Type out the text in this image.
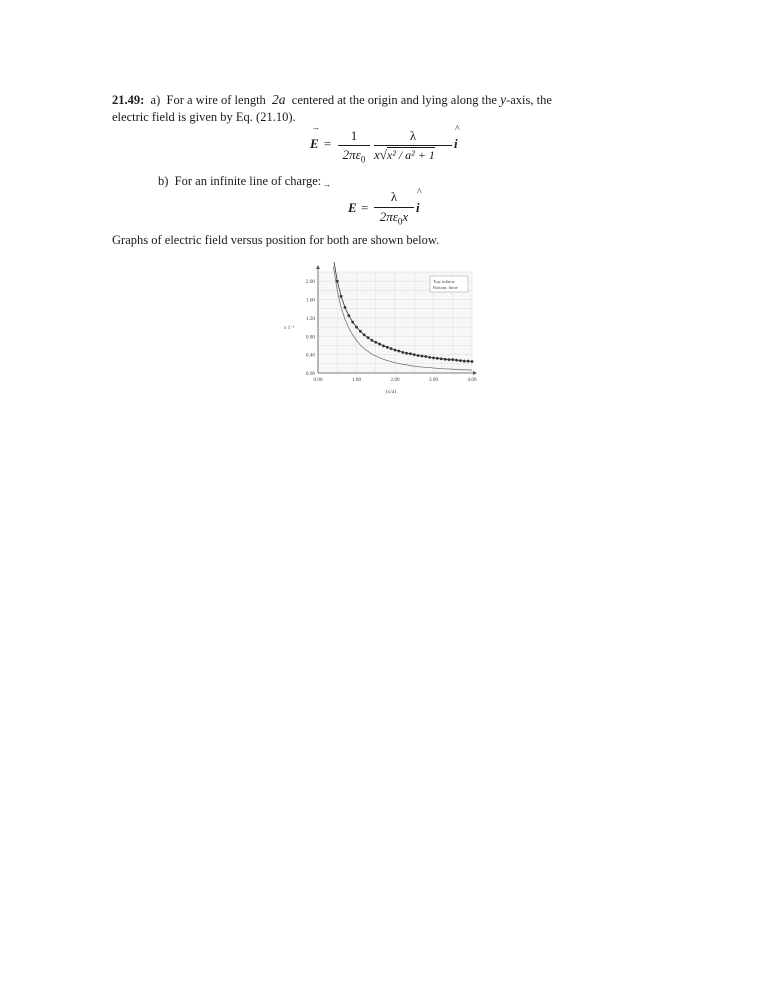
21.49: a) For a wire of length 2a centered at the origin and lying along the y-axis, the
electric field is given by Eq. (21.10).
E
→
=
1
$2\pi\varepsilon_0$
λ
x√x² / a² + 1
i
^
b) For an infinite line of charge:
E
→
=
λ
$2\pi\varepsilon_0x$
i
^
Graphs of electric field versus position for both are shown below.
0.00	1.00	2.00	3.00	4.00
0.00
0.40
0.80
1.20
1.60
2.00	Top: infinite
Bottom: finite
x 1⁻¹
(x/a)
